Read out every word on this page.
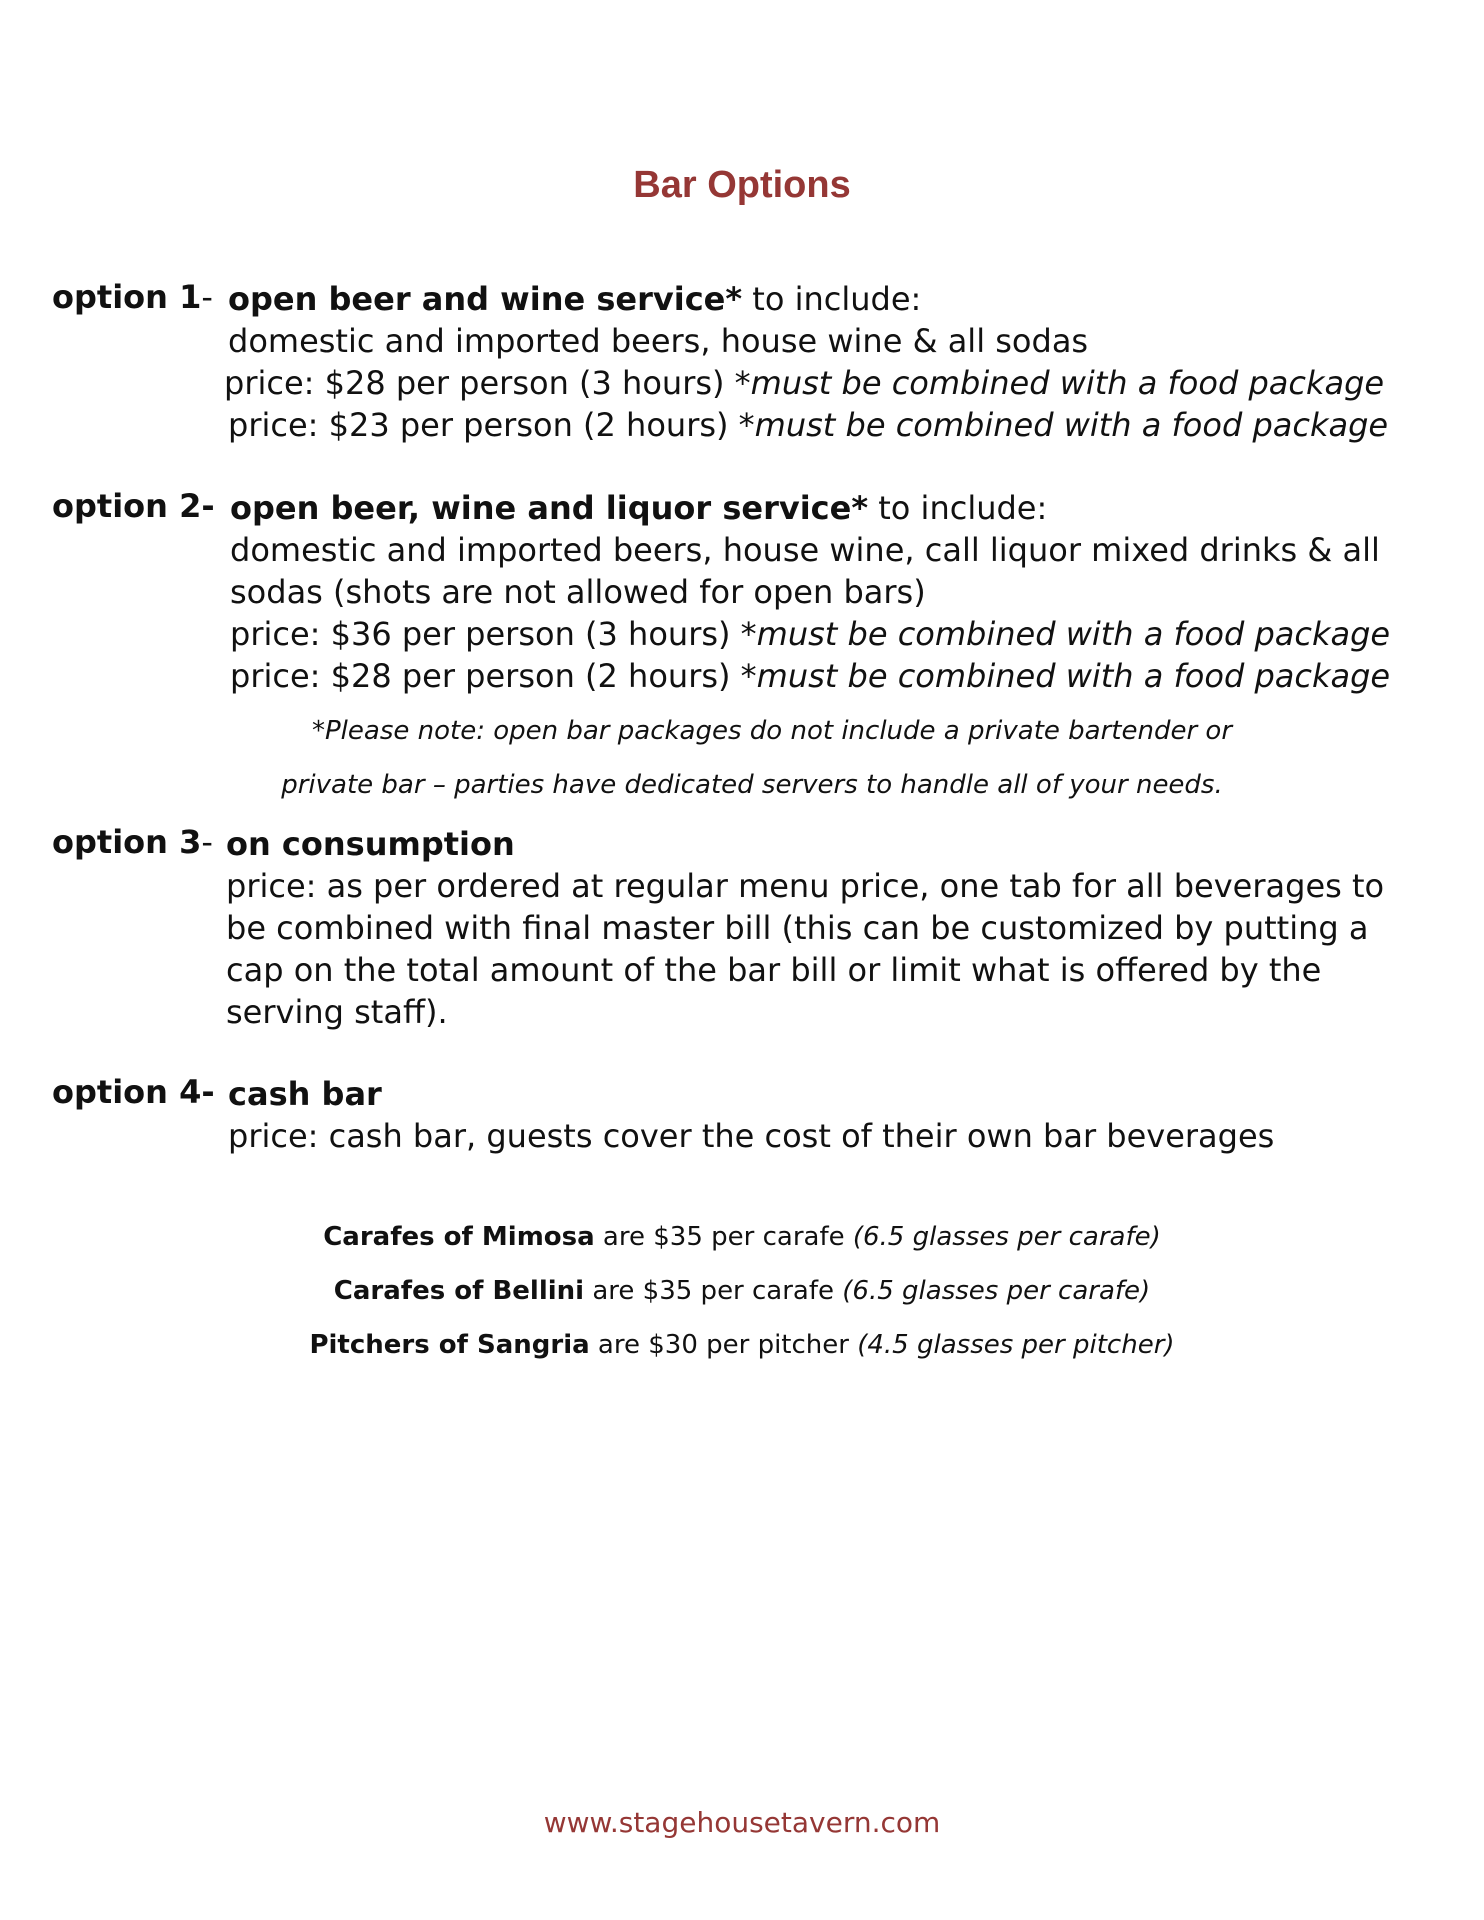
Bar Options
option 1- open beer and wine service* to include:
domestic and imported beers, house wine & all sodas
price: $28 per person (3 hours) *must be combined with a food package
price: $23 per person (2 hours) *must be combined with a food package
option 2- open beer, wine and liquor service* to include:
domestic and imported beers, house wine, call liquor mixed drinks & all
sodas (shots are not allowed for open bars)
price: $36 per person (3 hours) *must be combined with a food package
price: $28 per person (2 hours) *must be combined with a food package
*Please note: open bar packages do not include a private bartender or
private bar – parties have dedicated servers to handle all of your needs.
option 3- on consumption
price: as per ordered at regular menu price, one tab for all beverages to
be combined with final master bill (this can be customized by putting a
cap on the total amount of the bar bill or limit what is offered by the
serving staff).
option 4- cash bar
price: cash bar, guests cover the cost of their own bar beverages
Carafes of Mimosa are $35 per carafe (6.5 glasses per carafe)
Carafes of Bellini are $35 per carafe (6.5 glasses per carafe)
Pitchers of Sangria are $30 per pitcher (4.5 glasses per pitcher)
www.stagehousetavern.com
